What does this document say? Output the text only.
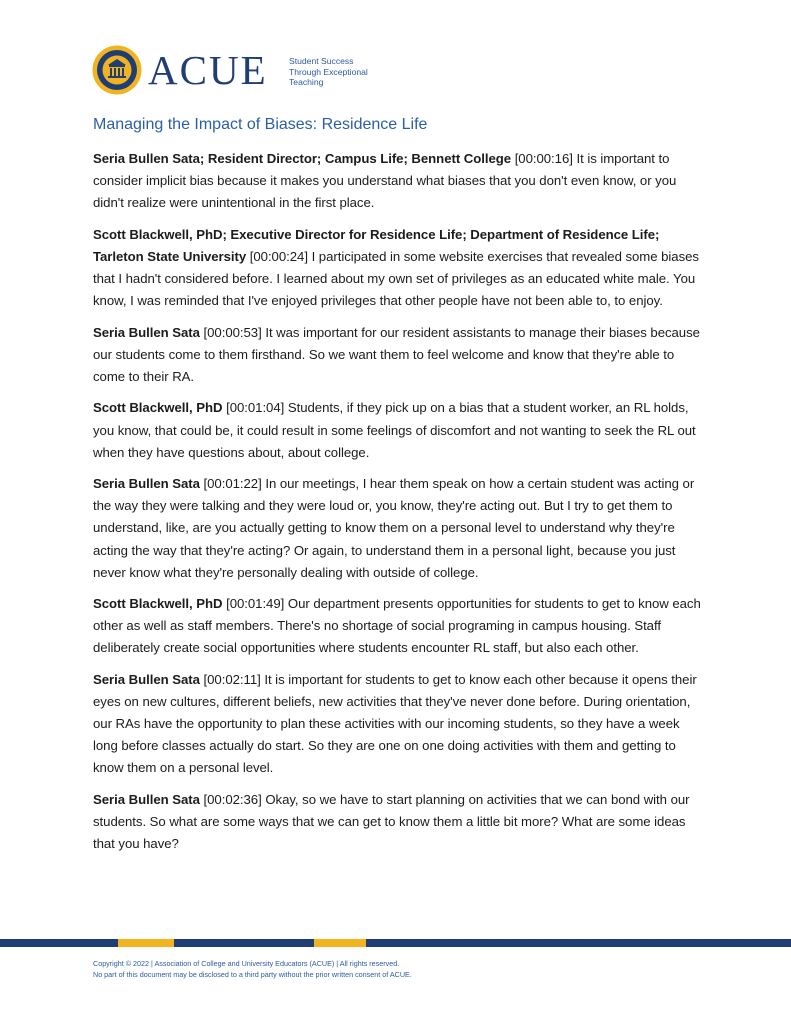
ACUE Student Success
Through Exceptional
Teaching
Managing the Impact of Biases: Residence Life

Seria Bullen Sata; Resident Director; Campus Life; Bennett College [00:00:16] It is important to consider implicit bias because it makes you understand what biases that you don't even know, or you didn't realize were unintentional in the first place.

Scott Blackwell, PhD; Executive Director for Residence Life; Department of Residence Life; Tarleton State University [00:00:24] I participated in some website exercises that revealed some biases that I hadn't considered before. I learned about my own set of privileges as an educated white male. You know, I was reminded that I've enjoyed privileges that other people have not been able to, to enjoy.

Seria Bullen Sata [00:00:53] It was important for our resident assistants to manage their biases because our students come to them firsthand. So we want them to feel welcome and know that they're able to come to their RA.

Scott Blackwell, PhD [00:01:04] Students, if they pick up on a bias that a student worker, an RL holds, you know, that could be, it could result in some feelings of discomfort and not wanting to seek the RL out when they have questions about, about college.

Seria Bullen Sata [00:01:22] In our meetings, I hear them speak on how a certain student was acting or the way they were talking and they were loud or, you know, they're acting out. But I try to get them to understand, like, are you actually getting to know them on a personal level to understand why they're acting the way that they're acting? Or again, to understand them in a personal light, because you just never know what they're personally dealing with outside of college.

Scott Blackwell, PhD [00:01:49] Our department presents opportunities for students to get to know each other as well as staff members. There's no shortage of social programing in campus housing. Staff deliberately create social opportunities where students encounter RL staff, but also each other.

Seria Bullen Sata [00:02:11] It is important for students to get to know each other because it opens their eyes on new cultures, different beliefs, new activities that they've never done before. During orientation, our RAs have the opportunity to plan these activities with our incoming students, so they have a week long before classes actually do start. So they are one on one doing activities with them and getting to know them on a personal level.

Seria Bullen Sata [00:02:36] Okay, so we have to start planning on activities that we can bond with our students. So what are some ways that we can get to know them a little bit more? What are some ideas that you have?

Copyright © 2022 | Association of College and University Educators (ACUE) | All rights reserved.
No part of this document may be disclosed to a third party without the prior written consent of ACUE.
